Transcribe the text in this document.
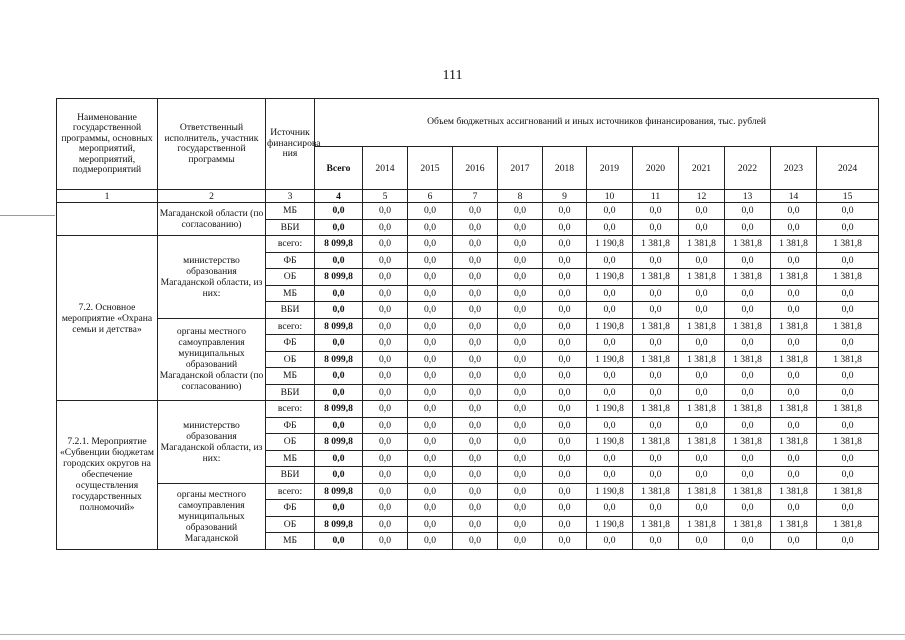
111
Наименование государственной программы, основных мероприятий, мероприятий, подмероприятий	Ответственный исполнитель, участник государственной программы	Источник финансирова ния	Объем бюджетных ассигнований и иных источников финансирования, тыс. рублей											
			Всего	2014	2015	2016	2017	2018	2019	2020	2021	2022	2023	2024
1	2	3	4	5	6	7	8	9	10	11	12	13	14	15
	Магаданской области (по согласованию)	МБ	0,0	0,0	0,0	0,0	0,0	0,0	0,0	0,0	0,0	0,0	0,0	0,0
		ВБИ	0,0	0,0	0,0	0,0	0,0	0,0	0,0	0,0	0,0	0,0	0,0	0,0
7.2. Основное мероприятие «Охрана семьи и детства»	министерство образования Магаданской области, из них:	всего:	8 099,8	0,0	0,0	0,0	0,0	0,0	1 190,8	1 381,8	1 381,8	1 381,8	1 381,8	1 381,8
		ФБ	0,0	0,0	0,0	0,0	0,0	0,0	0,0	0,0	0,0	0,0	0,0	0,0
		ОБ	8 099,8	0,0	0,0	0,0	0,0	0,0	1 190,8	1 381,8	1 381,8	1 381,8	1 381,8	1 381,8
		МБ	0,0	0,0	0,0	0,0	0,0	0,0	0,0	0,0	0,0	0,0	0,0	0,0
		ВБИ	0,0	0,0	0,0	0,0	0,0	0,0	0,0	0,0	0,0	0,0	0,0	0,0
	органы местного самоуправления муниципальных образований Магаданской области (по согласованию)	всего:	8 099,8	0,0	0,0	0,0	0,0	0,0	1 190,8	1 381,8	1 381,8	1 381,8	1 381,8	1 381,8
		ФБ	0,0	0,0	0,0	0,0	0,0	0,0	0,0	0,0	0,0	0,0	0,0	0,0
		ОБ	8 099,8	0,0	0,0	0,0	0,0	0,0	1 190,8	1 381,8	1 381,8	1 381,8	1 381,8	1 381,8
		МБ	0,0	0,0	0,0	0,0	0,0	0,0	0,0	0,0	0,0	0,0	0,0	0,0
		ВБИ	0,0	0,0	0,0	0,0	0,0	0,0	0,0	0,0	0,0	0,0	0,0	0,0
7.2.1. Мероприятие «Субвенции бюджетам городских округов на обеспечение осуществления государственных полномочий»	министерство образования Магаданской области, из них:	всего:	8 099,8	0,0	0,0	0,0	0,0	0,0	1 190,8	1 381,8	1 381,8	1 381,8	1 381,8	1 381,8
		ФБ	0,0	0,0	0,0	0,0	0,0	0,0	0,0	0,0	0,0	0,0	0,0	0,0
		ОБ	8 099,8	0,0	0,0	0,0	0,0	0,0	1 190,8	1 381,8	1 381,8	1 381,8	1 381,8	1 381,8
		МБ	0,0	0,0	0,0	0,0	0,0	0,0	0,0	0,0	0,0	0,0	0,0	0,0
		ВБИ	0,0	0,0	0,0	0,0	0,0	0,0	0,0	0,0	0,0	0,0	0,0	0,0
	органы местного самоуправления муниципальных образований Магаданской	всего:	8 099,8	0,0	0,0	0,0	0,0	0,0	1 190,8	1 381,8	1 381,8	1 381,8	1 381,8	1 381,8
		ФБ	0,0	0,0	0,0	0,0	0,0	0,0	0,0	0,0	0,0	0,0	0,0	0,0
		ОБ	8 099,8	0,0	0,0	0,0	0,0	0,0	1 190,8	1 381,8	1 381,8	1 381,8	1 381,8	1 381,8
		МБ	0,0	0,0	0,0	0,0	0,0	0,0	0,0	0,0	0,0	0,0	0,0	0,0
